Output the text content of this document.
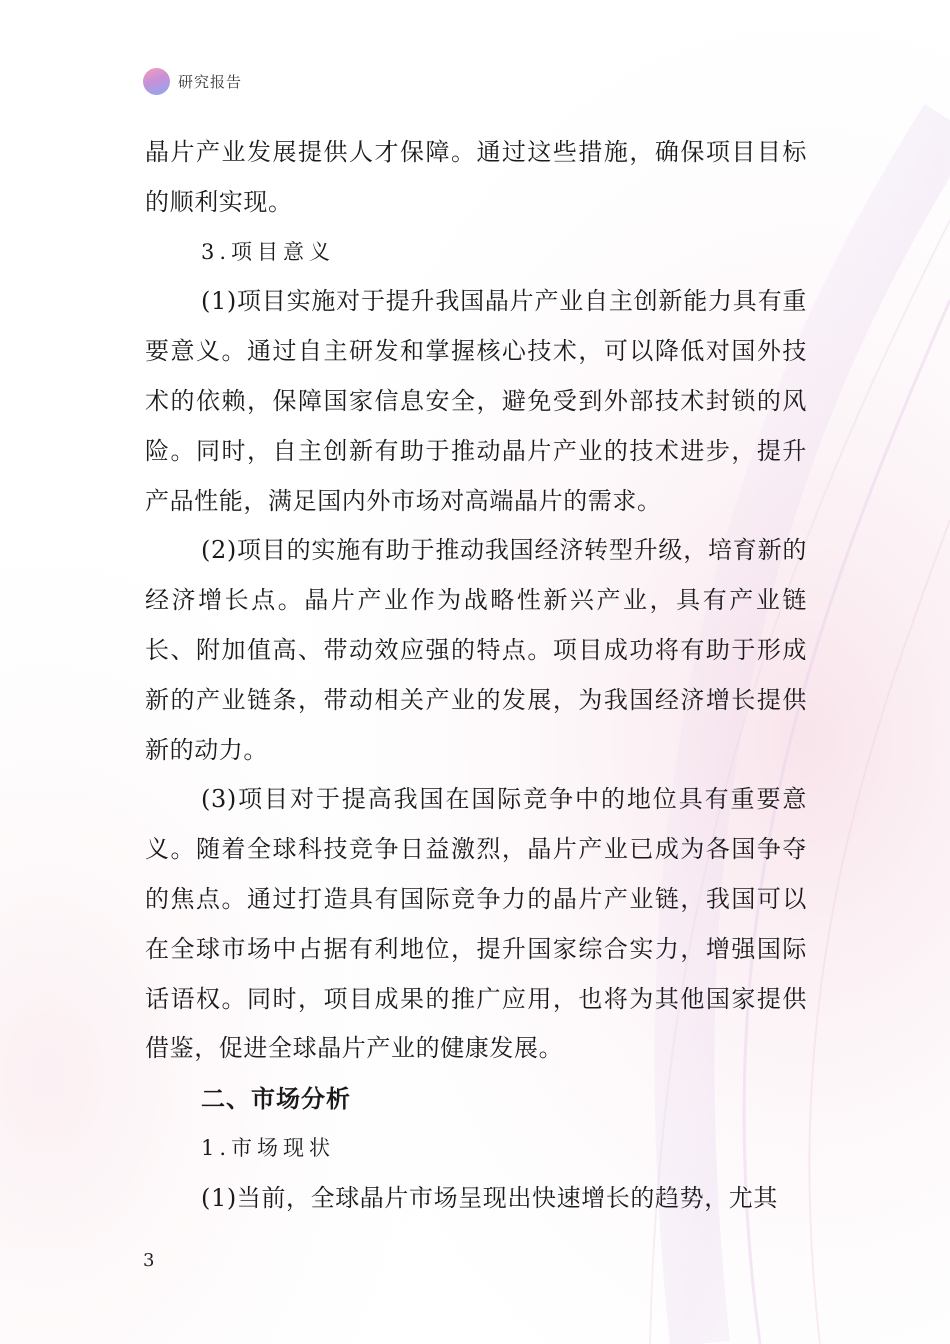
研究报告

晶片产业发展提供人才保障。通过这些措施，确保项目目标的顺利实现。

3.项目意义

(1)项目实施对于提升我国晶片产业自主创新能力具有重要意义。通过自主研发和掌握核心技术，可以降低对国外技术的依赖，保障国家信息安全，避免受到外部技术封锁的风险。同时，自主创新有助于推动晶片产业的技术进步，提升产品性能，满足国内外市场对高端晶片的需求。

(2)项目的实施有助于推动我国经济转型升级，培育新的经济增长点。晶片产业作为战略性新兴产业，具有产业链长、附加值高、带动效应强的特点。项目成功将有助于形成新的产业链条，带动相关产业的发展，为我国经济增长提供新的动力。

(3)项目对于提高我国在国际竞争中的地位具有重要意义。随着全球科技竞争日益激烈，晶片产业已成为各国争夺的焦点。通过打造具有国际竞争力的晶片产业链，我国可以在全球市场中占据有利地位，提升国家综合实力，增强国际话语权。同时，项目成果的推广应用，也将为其他国家提供借鉴，促进全球晶片产业的健康发展。

二、市场分析

1.市场现状

(1)当前，全球晶片市场呈现出快速增长的趋势，尤其

3
